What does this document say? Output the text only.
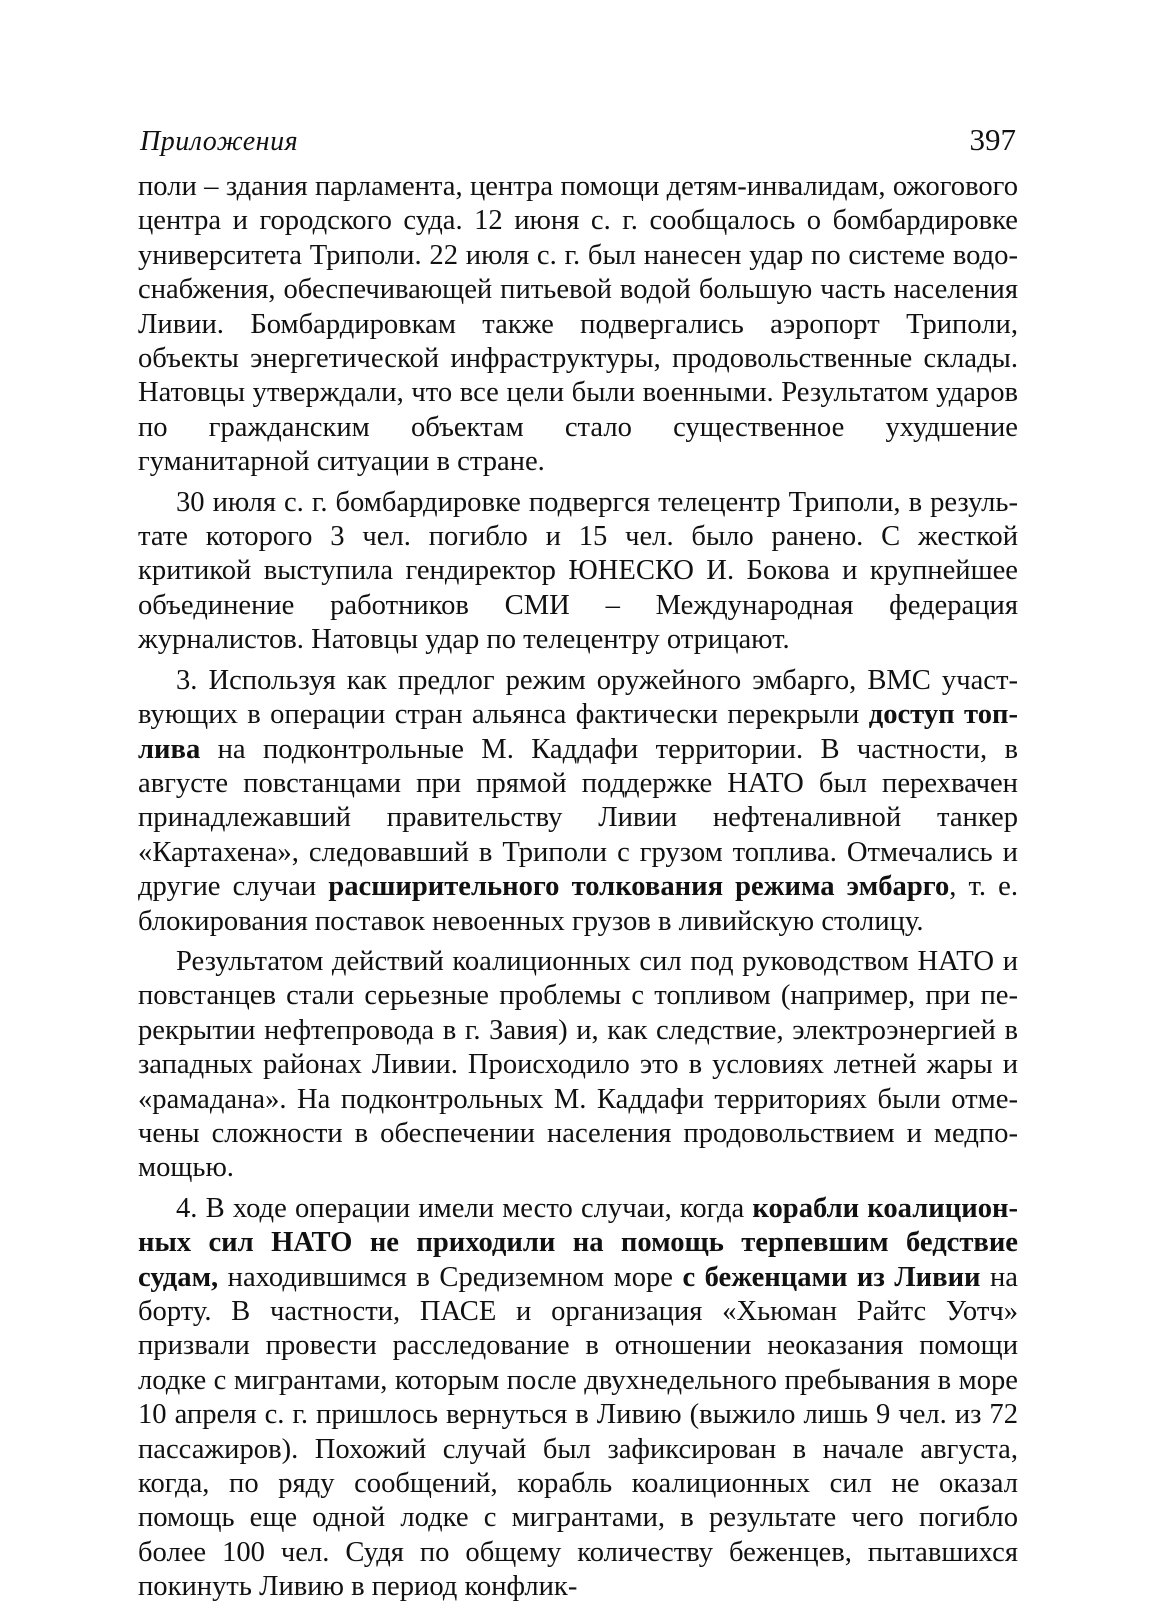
Приложения	397

поли – здания парламента, центра помощи детям-инвалидам, ожогового центра и городского суда. 12 июня с. г. сообщалось о бомбардировке университета Триполи. 22 июля с. г. был нанесен удар по системе водоснабжения, обеспечивающей питьевой водой большую часть населения Ливии. Бомбардировкам также подвергались аэропорт Триполи, объекты энергетической инфраструктуры, продовольственные склады. Натовцы утверждали, что все цели были военными. Результатом ударов по гражданским объектам стало существенное ухудшение гуманитарной ситуации в стране.

30 июля с. г. бомбардировке подвергся телецентр Триполи, в результате которого 3 чел. погибло и 15 чел. было ранено. С жесткой критикой выступила гендиректор ЮНЕСКО И. Бокова и крупнейшее объединение работников СМИ – Международная федерация журналистов. Натовцы удар по телецентру отрицают.

3. Используя как предлог режим оружейного эмбарго, ВМС участвующих в операции стран альянса фактически перекрыли доступ топлива на подконтрольные М. Каддафи территории. В частности, в августе повстанцами при прямой поддержке НАТО был перехвачен принадлежавший правительству Ливии нефтеналивной танкер «Картахена», следовавший в Триполи с грузом топлива. Отмечались и другие случаи расширительного толкования режима эмбарго, т. е. блокирования поставок невоенных грузов в ливийскую столицу.

Результатом действий коалиционных сил под руководством НАТО и повстанцев стали серьезные проблемы с топливом (например, при перекрытии нефтепровода в г. Завия) и, как следствие, электроэнергией в западных районах Ливии. Происходило это в условиях летней жары и «рамадана». На подконтрольных М. Каддафи территориях были отмечены сложности в обеспечении населения продовольствием и медпомощью.

4. В ходе операции имели место случаи, когда корабли коалиционных сил НАТО не приходили на помощь терпевшим бедствие судам, находившимся в Средиземном море с беженцами из Ливии на борту. В частности, ПАСЕ и организация «Хьюман Райтс Уотч» призвали провести расследование в отношении неоказания помощи лодке с мигрантами, которым после двухнедельного пребывания в море 10 апреля с. г. пришлось вернуться в Ливию (выжило лишь 9 чел. из 72 пассажиров). Похожий случай был зафиксирован в начале августа, когда, по ряду сообщений, корабль коалиционных сил не оказал помощь еще одной лодке с мигрантами, в результате чего погибло более 100 чел. Судя по общему количеству беженцев, пытавшихся покинуть Ливию в период конфлик-
